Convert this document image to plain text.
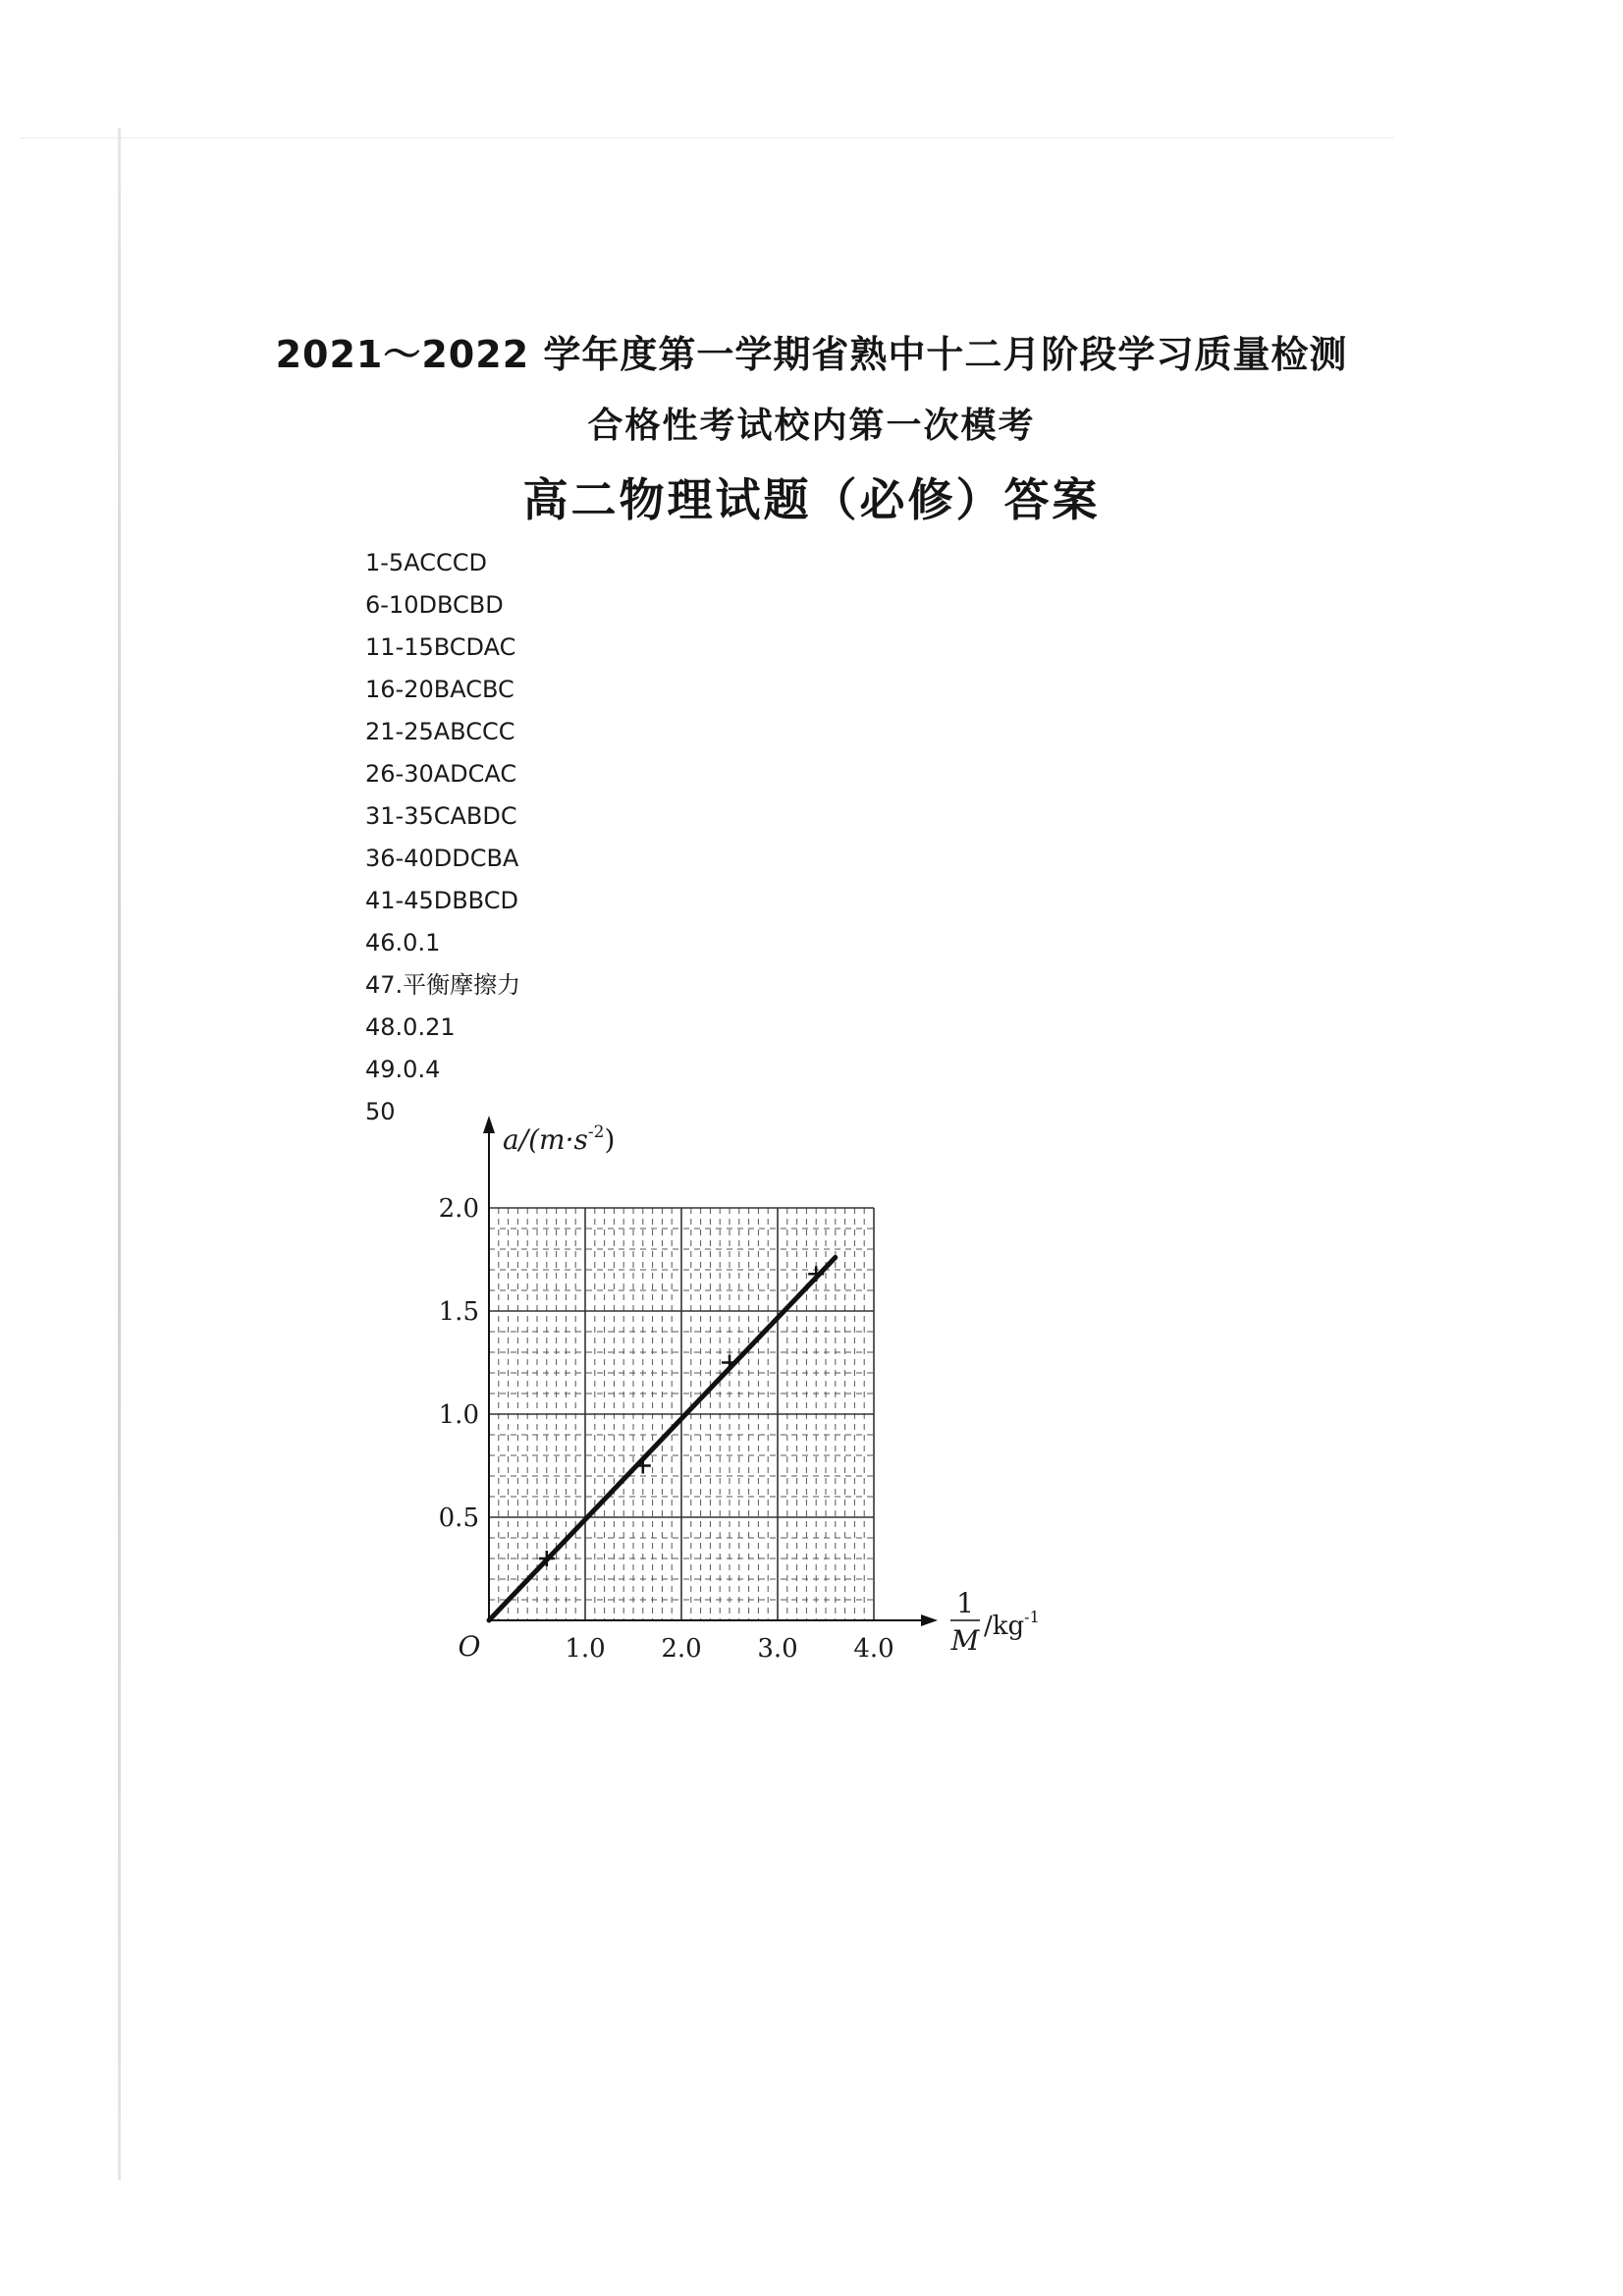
2021～2022 学年度第一学期省熟中十二月阶段学习质量检测
合格性考试校内第一次模考
高二物理试题（必修）答案
1-5ACCCD
6-10DBCBD
11-15BCDAC
16-20BACBC
21-25ABCCC
26-30ADCAC
31-35CABDC
36-40DDCBA
41-45DBBCD
46.0.1
47.平衡摩擦力
48.0.21
49.0.4
50
1.0 2.0 3.0 4.0
0.5
1.0
1.5
2.0
O
$a/(m\cdot s^{-2})$
1
M $/kg^{-1}$
